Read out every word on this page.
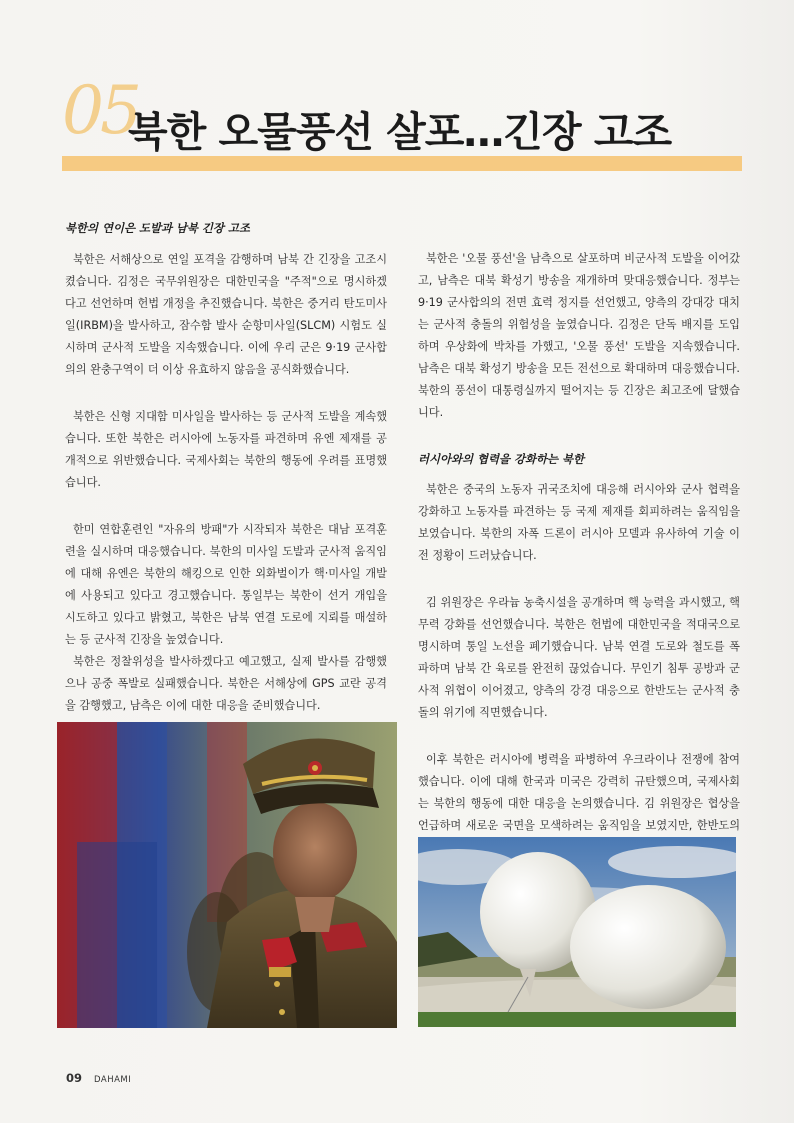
05
북한 오물풍선 살포…긴장 고조
북한의 연이은 도발과 남북 긴장 고조

북한은 서해상으로 연일 포격을 감행하며 남북 간 긴장을 고조시켰습니다. 김정은 국무위원장은 대한민국을 "주적"으로 명시하겠다고 선언하며 헌법 개정을 추진했습니다. 북한은 중거리 탄도미사일(IRBM)을 발사하고, 잠수함 발사 순항미사일(SLCM) 시험도 실시하며 군사적 도발을 지속했습니다. 이에 우리 군은 9·19 군사합의의 완충구역이 더 이상 유효하지 않음을 공식화했습니다.

북한은 신형 지대함 미사일을 발사하는 등 군사적 도발을 계속했습니다. 또한 북한은 러시아에 노동자를 파견하며 유엔 제재를 공개적으로 위반했습니다. 국제사회는 북한의 행동에 우려를 표명했습니다.

한미 연합훈련인 "자유의 방패"가 시작되자 북한은 대남 포격훈련을 실시하며 대응했습니다. 북한의 미사일 도발과 군사적 움직임에 대해 유엔은 북한의 해킹으로 인한 외화벌이가 핵·미사일 개발에 사용되고 있다고 경고했습니다. 통일부는 북한이 선거 개입을 시도하고 있다고 밝혔고, 북한은 남북 연결 도로에 지뢰를 매설하는 등 군사적 긴장을 높였습니다.

북한은 정찰위성을 발사하겠다고 예고했고, 실제 발사를 감행했으나 공중 폭발로 실패했습니다. 북한은 서해상에 GPS 교란 공격을 감행했고, 남측은 이에 대한 대응을 준비했습니다.

북한은 '오물 풍선'을 남측으로 살포하며 비군사적 도발을 이어갔고, 남측은 대북 확성기 방송을 재개하며 맞대응했습니다. 정부는 9·19 군사합의의 전면 효력 정지를 선언했고, 양측의 강대강 대치는 군사적 충돌의 위험성을 높였습니다. 김정은 단독 배지를 도입하며 우상화에 박차를 가했고, '오물 풍선' 도발을 지속했습니다. 남측은 대북 확성기 방송을 모든 전선으로 확대하며 대응했습니다. 북한의 풍선이 대통령실까지 떨어지는 등 긴장은 최고조에 달했습니다.

러시아와의 협력을 강화하는 북한

북한은 중국의 노동자 귀국조치에 대응해 러시아와 군사 협력을 강화하고 노동자를 파견하는 등 국제 제재를 회피하려는 움직임을 보였습니다. 북한의 자폭 드론이 러시아 모델과 유사하여 기술 이전 정황이 드러났습니다.

김 위원장은 우라늄 농축시설을 공개하며 핵 능력을 과시했고, 핵무력 강화를 선언했습니다. 북한은 헌법에 대한민국을 적대국으로 명시하며 통일 노선을 폐기했습니다. 남북 연결 도로와 철도를 폭파하며 남북 간 육로를 완전히 끊었습니다. 무인기 침투 공방과 군사적 위협이 이어졌고, 양측의 강경 대응으로 한반도는 군사적 충돌의 위기에 직면했습니다.

이후 북한은 러시아에 병력을 파병하여 우크라이나 전쟁에 참여했습니다. 이에 대해 한국과 미국은 강력히 규탄했으며, 국제사회는 북한의 행동에 대한 대응을 논의했습니다. 김 위원장은 협상을 언급하며 새로운 국면을 모색하려는 움직임을 보였지만, 한반도의

09 DAHAMI
